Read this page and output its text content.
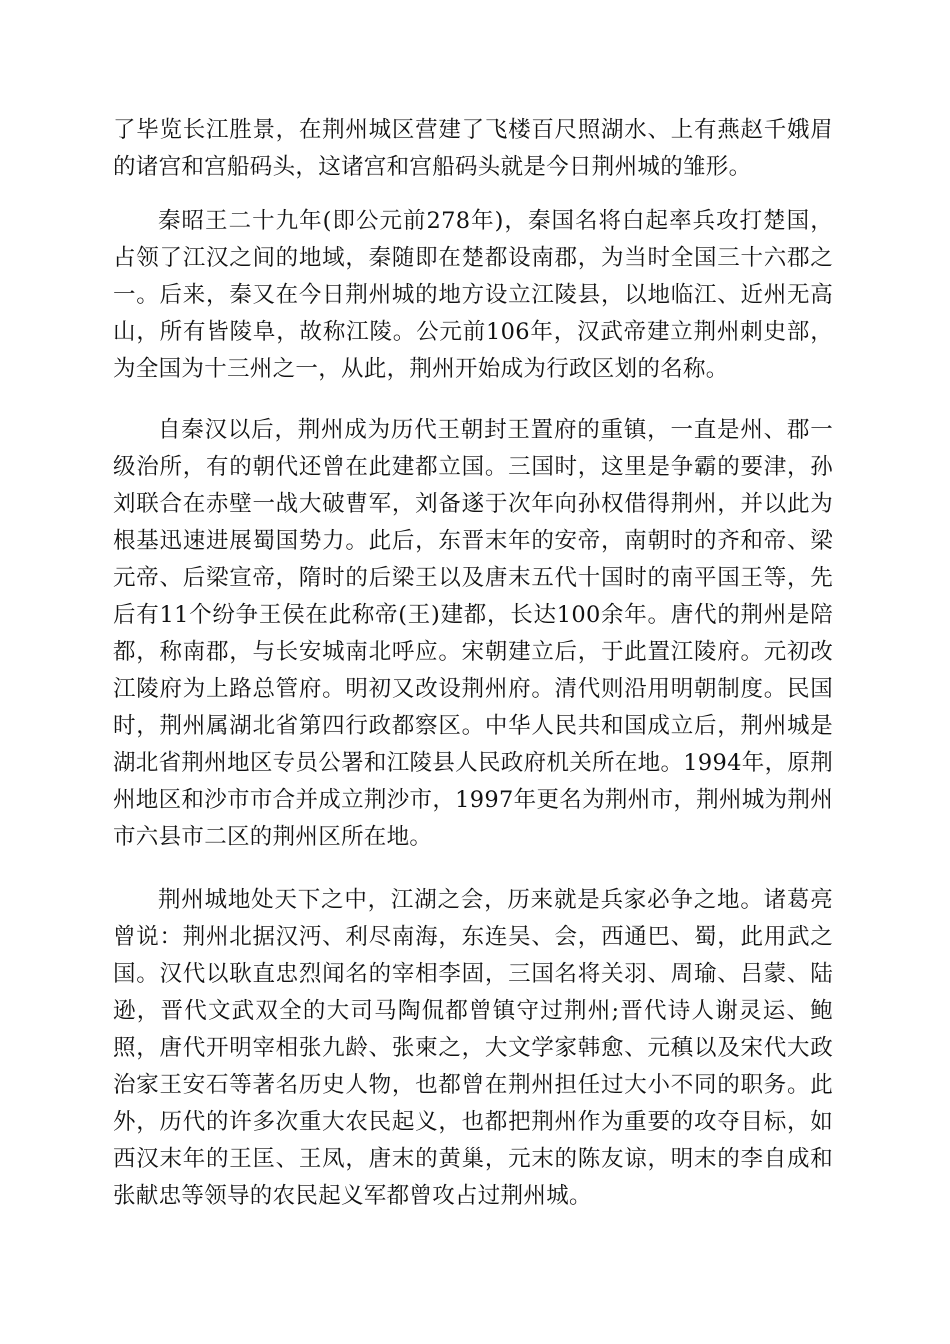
了毕览长江胜景，在荆州城区营建了飞楼百尺照湖水、上有燕赵千娥眉的诸宫和宫船码头，这诸宫和宫船码头就是今日荆州城的雏形。

秦昭王二十九年(即公元前278年)，秦国名将白起率兵攻打楚国，占领了江汉之间的地域，秦随即在楚都设南郡，为当时全国三十六郡之一。后来，秦又在今日荆州城的地方设立江陵县，以地临江、近州无高山，所有皆陵阜，故称江陵。公元前106年，汉武帝建立荆州刺史部，为全国为十三州之一，从此，荆州开始成为行政区划的名称。

自秦汉以后，荆州成为历代王朝封王置府的重镇，一直是州、郡一级治所，有的朝代还曾在此建都立国。三国时，这里是争霸的要津，孙刘联合在赤壁一战大破曹军，刘备遂于次年向孙权借得荆州，并以此为根基迅速进展蜀国势力。此后，东晋末年的安帝，南朝时的齐和帝、梁元帝、后梁宣帝，隋时的后梁王以及唐末五代十国时的南平国王等，先后有11个纷争王侯在此称帝(王)建都，长达100余年。唐代的荆州是陪都，称南郡，与长安城南北呼应。宋朝建立后，于此置江陵府。元初改江陵府为上路总管府。明初又改设荆州府。清代则沿用明朝制度。民国时，荆州属湖北省第四行政都察区。中华人民共和国成立后，荆州城是湖北省荆州地区专员公署和江陵县人民政府机关所在地。1994年，原荆州地区和沙市市合并成立荆沙市，1997年更名为荆州市，荆州城为荆州市六县市二区的荆州区所在地。

荆州城地处天下之中，江湖之会，历来就是兵家必争之地。诸葛亮曾说：荆州北据汉沔、利尽南海，东连吴、会，西通巴、蜀，此用武之国。汉代以耿直忠烈闻名的宰相李固，三国名将关羽、周瑜、吕蒙、陆逊，晋代文武双全的大司马陶侃都曾镇守过荆州;晋代诗人谢灵运、鲍照，唐代开明宰相张九龄、张柬之，大文学家韩愈、元稹以及宋代大政治家王安石等著名历史人物，也都曾在荆州担任过大小不同的职务。此外，历代的许多次重大农民起义，也都把荆州作为重要的攻夺目标，如西汉末年的王匡、王凤，唐末的黄巢，元末的陈友谅，明末的李自成和张献忠等领导的农民起义军都曾攻占过荆州城。
